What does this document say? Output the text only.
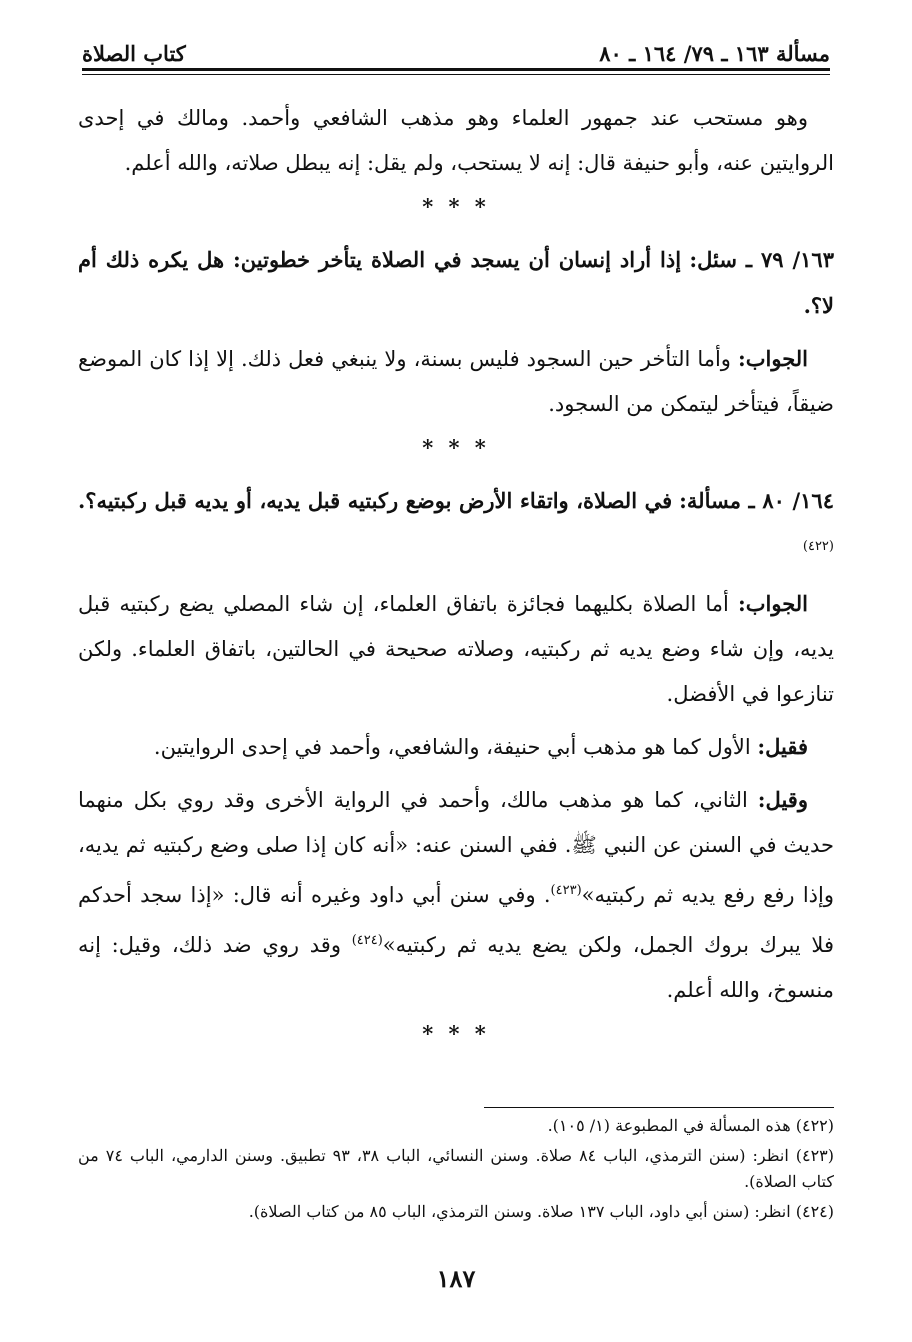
مسألة ١٦٣ ـ ٧٩/ ١٦٤ ـ ٨٠
كتاب الصلاة

وهو مستحب عند جمهور العلماء وهو مذهب الشافعي وأحمد. ومالك في إحدى الروايتين عنه، وأبو حنيفة قال: إنه لا يستحب، ولم يقل: إنه يبطل صلاته، والله أعلم.

* * *

١٦٣/ ٧٩ ـ سئل: إذا أراد إنسان أن يسجد في الصلاة يتأخر خطوتين: هل يكره ذلك أم لا؟.

الجواب: وأما التأخر حين السجود فليس بسنة، ولا ينبغي فعل ذلك. إلا إذا كان الموضع ضيقاً، فيتأخر ليتمكن من السجود.

* * *

١٦٤/ ٨٠ ـ مسألة: في الصلاة، واتقاء الأرض بوضع ركبتيه قبل يديه، أو يديه قبل ركبتيه؟. $^{(٤٢٢)}$

الجواب: أما الصلاة بكليهما فجائزة باتفاق العلماء، إن شاء المصلي يضع ركبتيه قبل يديه، وإن شاء وضع يديه ثم ركبتيه، وصلاته صحيحة في الحالتين، باتفاق العلماء. ولكن تنازعوا في الأفضل.

فقيل: الأول كما هو مذهب أبي حنيفة، والشافعي، وأحمد في إحدى الروايتين.

وقيل: الثاني، كما هو مذهب مالك، وأحمد في الرواية الأخرى وقد روي بكل منهما حديث في السنن عن النبي ﷺ. ففي السنن عنه: «أنه كان إذا صلى وضع ركبتيه ثم يديه، وإذا رفع رفع يديه ثم ركبتيه»$^{(٤٢٣)}$. وفي سنن أبي داود وغيره أنه قال: «إذا سجد أحدكم فلا يبرك بروك الجمل، ولكن يضع يديه ثم ركبتيه»$^{(٤٢٤)}$ وقد روي ضد ذلك، وقيل: إنه منسوخ، والله أعلم.

* * *
(٤٢٢) هذه المسألة في المطبوعة (١/ ١٠٥).
(٤٢٣) انظر: (سنن الترمذي، الباب ٨٤ صلاة. وسنن النسائي، الباب ٣٨، ٩٣ تطبيق. وسنن الدارمي، الباب ٧٤ من كتاب الصلاة).
(٤٢٤) انظر: (سنن أبي داود، الباب ١٣٧ صلاة. وسنن الترمذي، الباب ٨٥ من كتاب الصلاة).
١٨٧
